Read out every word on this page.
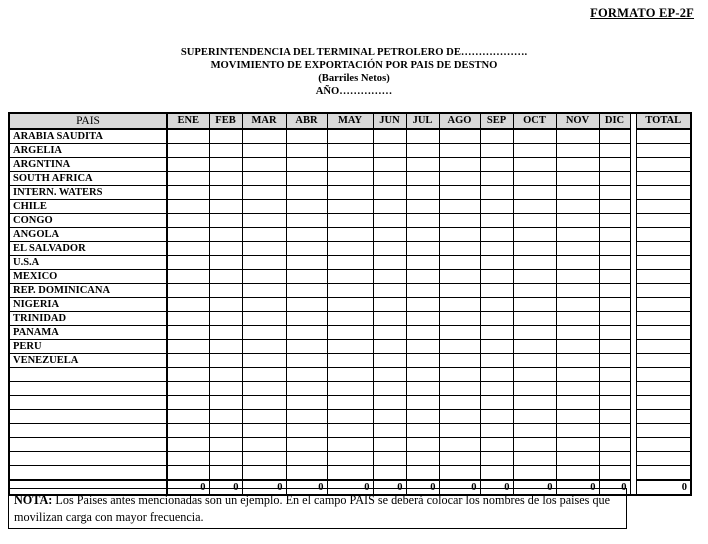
FORMATO EP-2F
SUPERINTENDENCIA DEL TERMINAL PETROLERO DE……………….
MOVIMIENTO DE EXPORTACIÓN POR PAIS DE DESTNO
(Barriles Netos)
AÑO……………
PAIS	ENE	FEB	MAR	ABR	MAY	JUN	JUL	AGO	SEP	OCT	NOV	DIC		TOTAL
ARABIA SAUDITA														
ARGELIA														
ARGNTINA														
SOUTH AFRICA														
INTERN. WATERS														
CHILE														
CONGO														
ANGOLA														
EL SALVADOR														
U.S.A														
MEXICO														
REP. DOMINICANA														
NIGERIA														
TRINIDAD														
PANAMA														
PERU														
VENEZUELA														

	0	0	0	0	0	0	0	0	0	0	0	0		0
NOTA: Los Paises antes mencionadas son un ejemplo. En el campo PAIS se deberá colocar los nombres de los países que movilizan carga con mayor frecuencia.
